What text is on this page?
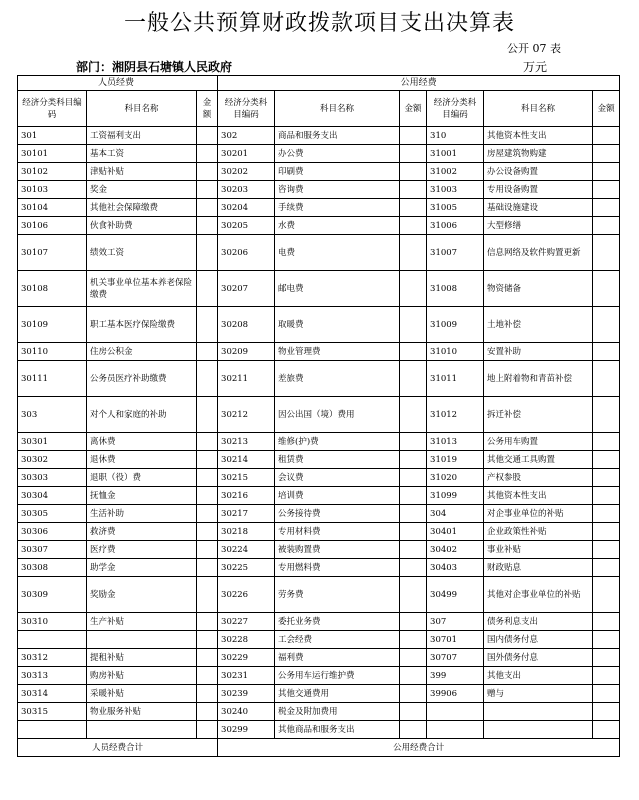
一般公共预算财政拨款项目支出决算表
公开 07 表
部门：湘阴县石塘镇人民政府	万元
人员经费			公用经费					
经济分类科目编码	科目名称	金额	经济分类科目编码	科目名称	金额	经济分类科目编码	科目名称	金额
301	工资福利支出		302	商品和服务支出		310	其他资本性支出	
30101	基本工资		30201	办公费		31001	房屋建筑物购建	
30102	津贴补贴		30202	印刷费		31002	办公设备购置	
30103	奖金		30203	咨询费		31003	专用设备购置	
30104	其他社会保障缴费		30204	手续费		31005	基础设施建设	
30106	伙食补助费		30205	水费		31006	大型修缮	
30107	绩效工资		30206	电费		31007	信息网络及软件购置更新	
30108	机关事业单位基本养老保险缴费		30207	邮电费		31008	物资储备	
30109	职工基本医疗保险缴费		30208	取暖费		31009	土地补偿	
30110	住房公积金		30209	物业管理费		31010	安置补助	
30111	公务员医疗补助缴费		30211	差旅费		31011	地上附着物和青苗补偿	
303	对个人和家庭的补助		30212	因公出国（境）费用		31012	拆迁补偿	
30301	离休费		30213	维修(护)费		31013	公务用车购置	
30302	退休费		30214	租赁费		31019	其他交通工具购置	
30303	退职（役）费		30215	会议费		31020	产权参股	
30304	抚恤金		30216	培训费		31099	其他资本性支出	
30305	生活补助		30217	公务接待费		304	对企事业单位的补贴	
30306	救济费		30218	专用材料费		30401	企业政策性补贴	
30307	医疗费		30224	被装购置费		30402	事业补贴	
30308	助学金		30225	专用燃料费		30403	财政贴息	
30309	奖励金		30226	劳务费		30499	其他对企事业单位的补贴	
30310	生产补贴		30227	委托业务费		307	债务利息支出	
			30228	工会经费		30701	国内债务付息	
30312	提租补贴		30229	福利费		30707	国外债务付息	
30313	购房补贴		30231	公务用车运行维护费		399	其他支出	
30314	采暖补贴		30239	其他交通费用		39906	赠与	
30315	物业服务补贴		30240	税金及附加费用				
			30299	其他商品和服务支出				
人员经费合计			公用经费合计					
